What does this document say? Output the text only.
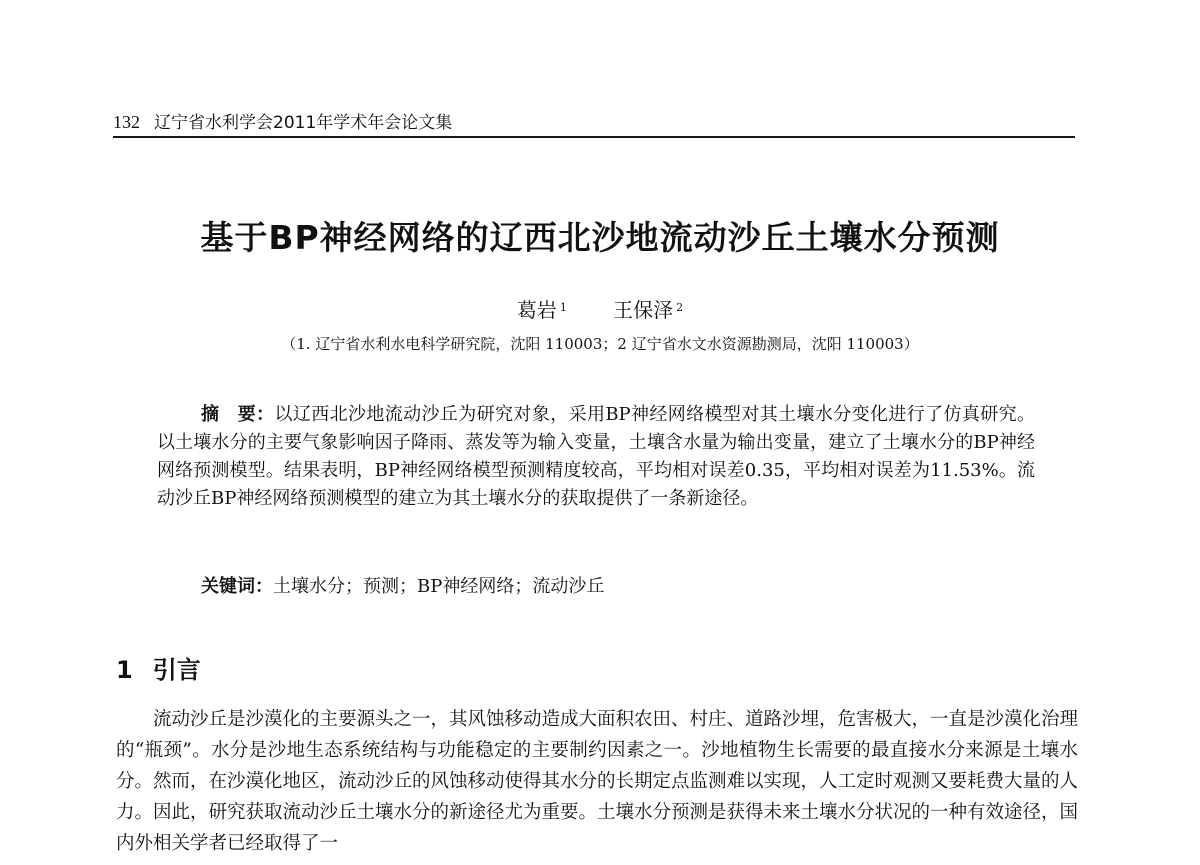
132 辽宁省水利学会2011年学术年会论文集
基于BP神经网络的辽西北沙地流动沙丘土壤水分预测
葛岩 $^1$ 王保泽 $^2$
（1. 辽宁省水利水电科学研究院，沈阳 110003；2 辽宁省水文水资源勘测局，沈阳 110003）
摘　要：以辽西北沙地流动沙丘为研究对象，采用BP神经网络模型对其土壤水分变化进行了仿真研究。以土壤水分的主要气象影响因子降雨、蒸发等为输入变量，土壤含水量为输出变量，建立了土壤水分的BP神经网络预测模型。结果表明，BP神经网络模型预测精度较高，平均相对误差0.35，平均相对误差为11.53%。流动沙丘BP神经网络预测模型的建立为其土壤水分的获取提供了一条新途径。
关键词：土壤水分；预测；BP神经网络；流动沙丘
1 引言

流动沙丘是沙漠化的主要源头之一，其风蚀移动造成大面积农田、村庄、道路沙埋，危害极大，一直是沙漠化治理的“瓶颈”。水分是沙地生态系统结构与功能稳定的主要制约因素之一。沙地植物生长需要的最直接水分来源是土壤水分。然而，在沙漠化地区，流动沙丘的风蚀移动使得其水分的长期定点监测难以实现，人工定时观测又要耗费大量的人力。因此，研究获取流动沙丘土壤水分的新途径尤为重要。土壤水分预测是获得未来土壤水分状况的一种有效途径，国内外相关学者已经取得了一
